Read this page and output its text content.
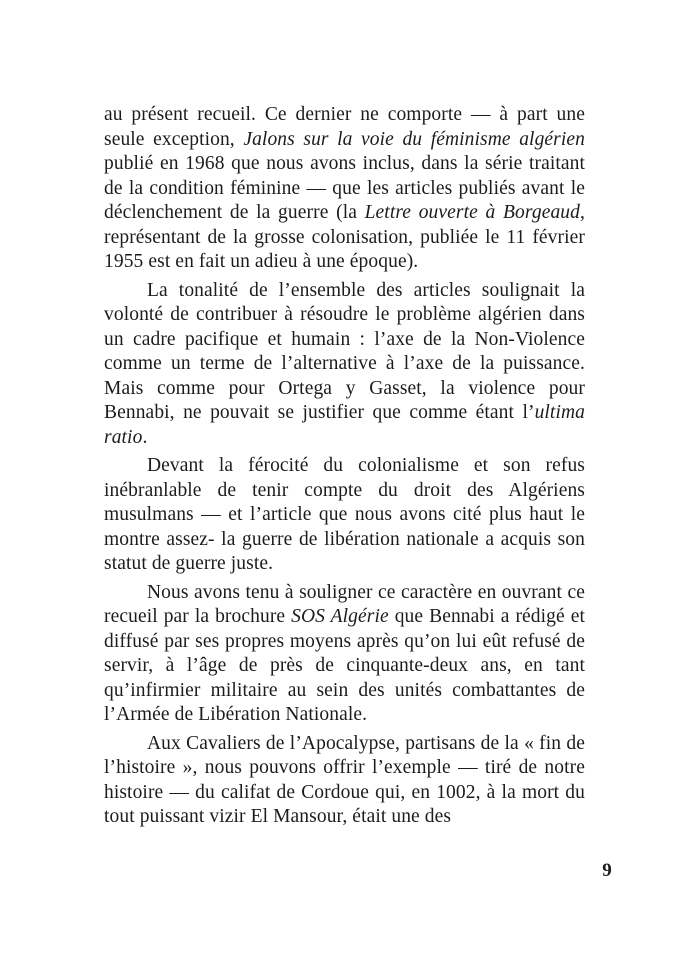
au présent recueil. Ce dernier ne comporte — à part une seule exception, Jalons sur la voie du féminisme algérien publié en 1968 que nous avons inclus, dans la série traitant de la condition féminine — que les articles publiés avant le déclenchement de la guerre (la Lettre ouverte à Borgeaud, représentant de la grosse colonisation, publiée le 11 février 1955 est en fait un adieu à une époque).

La tonalité de l’ensemble des articles soulignait la volonté de contribuer à résoudre le problème algérien dans un cadre pacifique et humain : l’axe de la Non-Violence comme un terme de l’alternative à l’axe de la puissance. Mais comme pour Ortega y Gasset, la violence pour Bennabi, ne pouvait se justifier que comme étant l’ultima ratio.

Devant la férocité du colonialisme et son refus inébranlable de tenir compte du droit des Algériens musulmans — et l’article que nous avons cité plus haut le montre assez- la guerre de libération nationale a acquis son statut de guerre juste.

Nous avons tenu à souligner ce caractère en ouvrant ce recueil par la brochure SOS Algérie que Bennabi a rédigé et diffusé par ses propres moyens après qu’on lui eût refusé de servir, à l’âge de près de cinquante-deux ans, en tant qu’infirmier militaire au sein des unités combattantes de l’Armée de Libération Nationale.

Aux Cavaliers de l’Apocalypse, partisans de la « fin de l’histoire », nous pouvons offrir l’exemple — tiré de notre histoire — du califat de Cordoue qui, en 1002, à la mort du tout puissant vizir El Mansour, était une des

9
